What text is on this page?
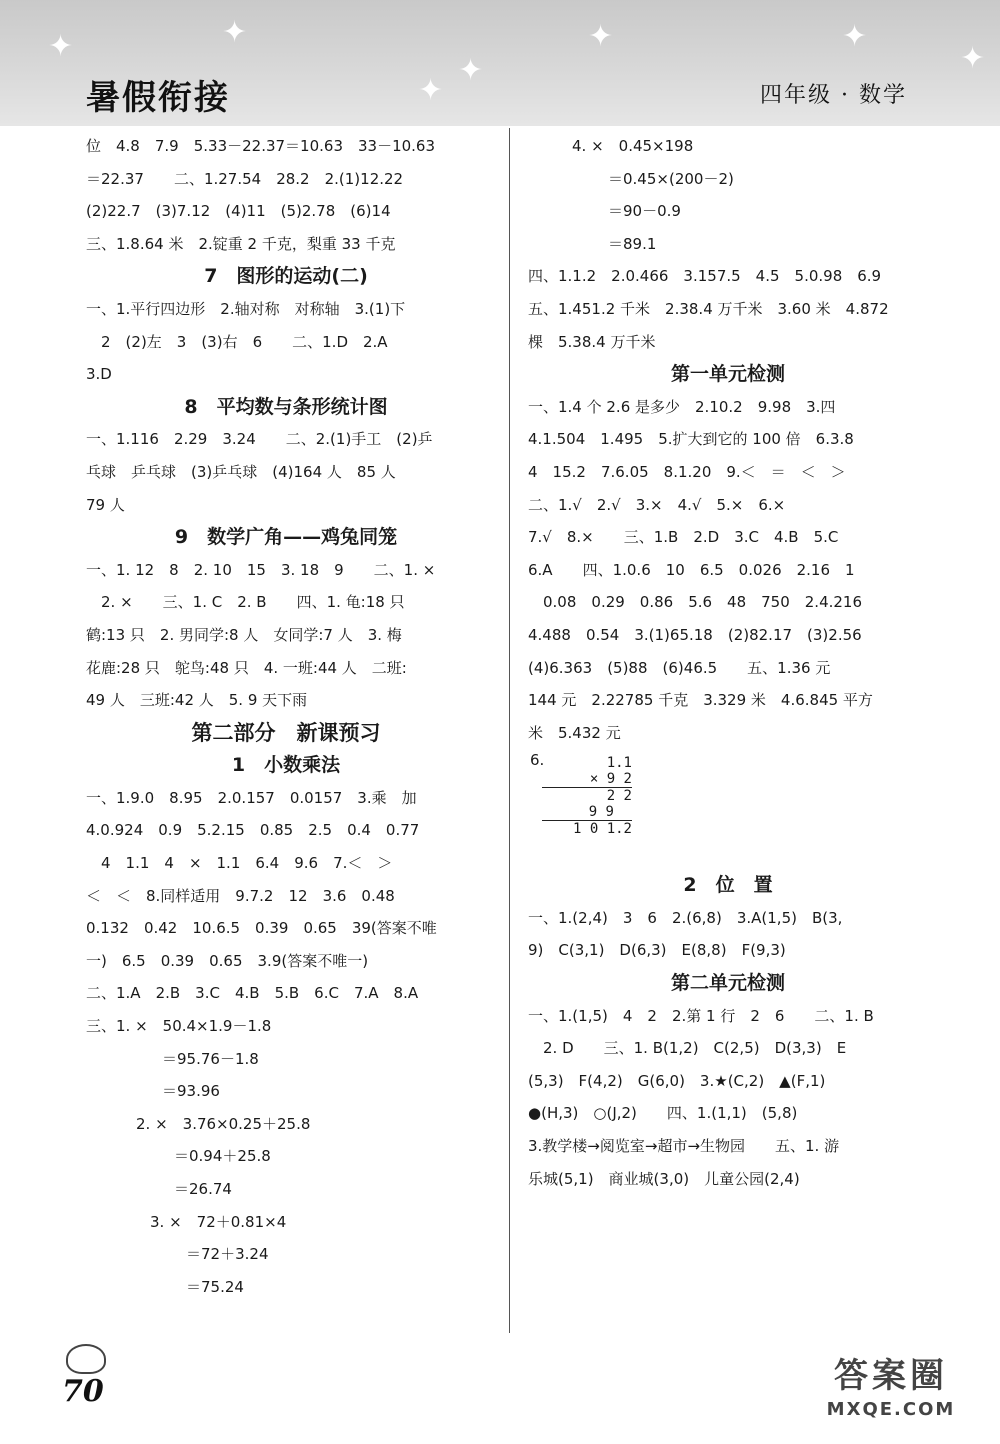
✦	✦
✦
✦
✦	✦
✦
暑假衔接	四年级 · 数学
位　4.8　7.9　5.33－22.37＝10.63　33－10.63
＝22.37　　二、1.27.54　28.2　2.(1)12.22
(2)22.7　(3)7.12　(4)11　(5)2.78　(6)14
三、1.8.64 米　2.锭重 2 千克，梨重 33 千克
7　图形的运动(二)
一、1.平行四边形　2.轴对称　对称轴　3.(1)下
　2　(2)左　3　(3)右　6　　二、1.D　2.A
3.D
8　平均数与条形统计图
一、1.116　2.29　3.24　　二、2.(1)手工　(2)乒
乓球　乒乓球　(3)乒乓球　(4)164 人　85 人
79 人
9　数学广角——鸡兔同笼
一、1. 12　8　2. 10　15　3. 18　9　　二、1. ×
　2. ×　　三、1. C　2. B　　四、1. 龟:18 只
鹤:13 只　2. 男同学:8 人　女同学:7 人　3. 梅
花鹿:28 只　鸵鸟:48 只　4. 一班:44 人　二班:
49 人　三班:42 人　5. 9 天下雨
第二部分　新课预习
1　小数乘法
一、1.9.0　8.95　2.0.157　0.0157　3.乘　加
4.0.924　0.9　5.2.15　0.85　2.5　0.4　0.77
　4　1.1　4　×　1.1　6.4　9.6　7.＜　＞
＜　＜　8.同样适用　9.7.2　12　3.6　0.48
0.132　0.42　10.6.5　0.39　0.65　39(答案不唯
一)　6.5　0.39　0.65　3.9(答案不唯一)
二、1.A　2.B　3.C　4.B　5.B　6.C　7.A　8.A
三、1. ×　50.4×1.9－1.8
＝95.76－1.8
＝93.96
2. ×　3.76×0.25＋25.8
＝0.94＋25.8
＝26.74
3. ×　72＋0.81×4
＝72＋3.24
＝75.24
4. ×　0.45×198
＝0.45×(200－2)
＝90－0.9
＝89.1
四、1.1.2　2.0.466　3.157.5　4.5　5.0.98　6.9
五、1.451.2 千米　2.38.4 万千米　3.60 米　4.872
棵　5.38.4 万千米
第一单元检测
一、1.4 个 2.6 是多少　2.10.2　9.98　3.四
4.1.504　1.495　5.扩大到它的 100 倍　6.3.8
4　15.2　7.6.05　8.1.20　9.＜　＝　＜　＞
二、1.√　2.√　3.×　4.√　5.×　6.×
7.√　8.×　　三、1.B　2.D　3.C　4.B　5.C
6.A　　四、1.0.6　10　6.5　0.026　2.16　1
　0.08　0.29　0.86　5.6　48　750　2.4.216
4.488　0.54　3.(1)65.18　(2)82.17　(3)2.56
(4)6.363　(5)88　(6)46.5　　五、1.36 元
144 元　2.22785 千克　3.329 米　4.6.845 平方
米　5.432 元
6.	1.1
× 9 2
2 2
9 9
1 0 1.2
2　位　置
一、1.(2,4)　3　6　2.(6,8)　3.A(1,5)　B(3,
9)　C(3,1)　D(6,3)　E(8,8)　F(9,3)
第二单元检测
一、1.(1,5)　4　2　2.第 1 行　2　6　　二、1. B
　2. D　　三、1. B(1,2)　C(2,5)　D(3,3)　E
(5,3)　F(4,2)　G(6,0)　3.★(C,2)　▲(F,1)
●(H,3)　○(J,2)　　四、1.(1,1)　(5,8)
3.教学楼→阅览室→超市→生物园　　五、1. 游
乐城(5,1)　商业城(3,0)　儿童公园(2,4)
70	答案圈
MXQE.COM
